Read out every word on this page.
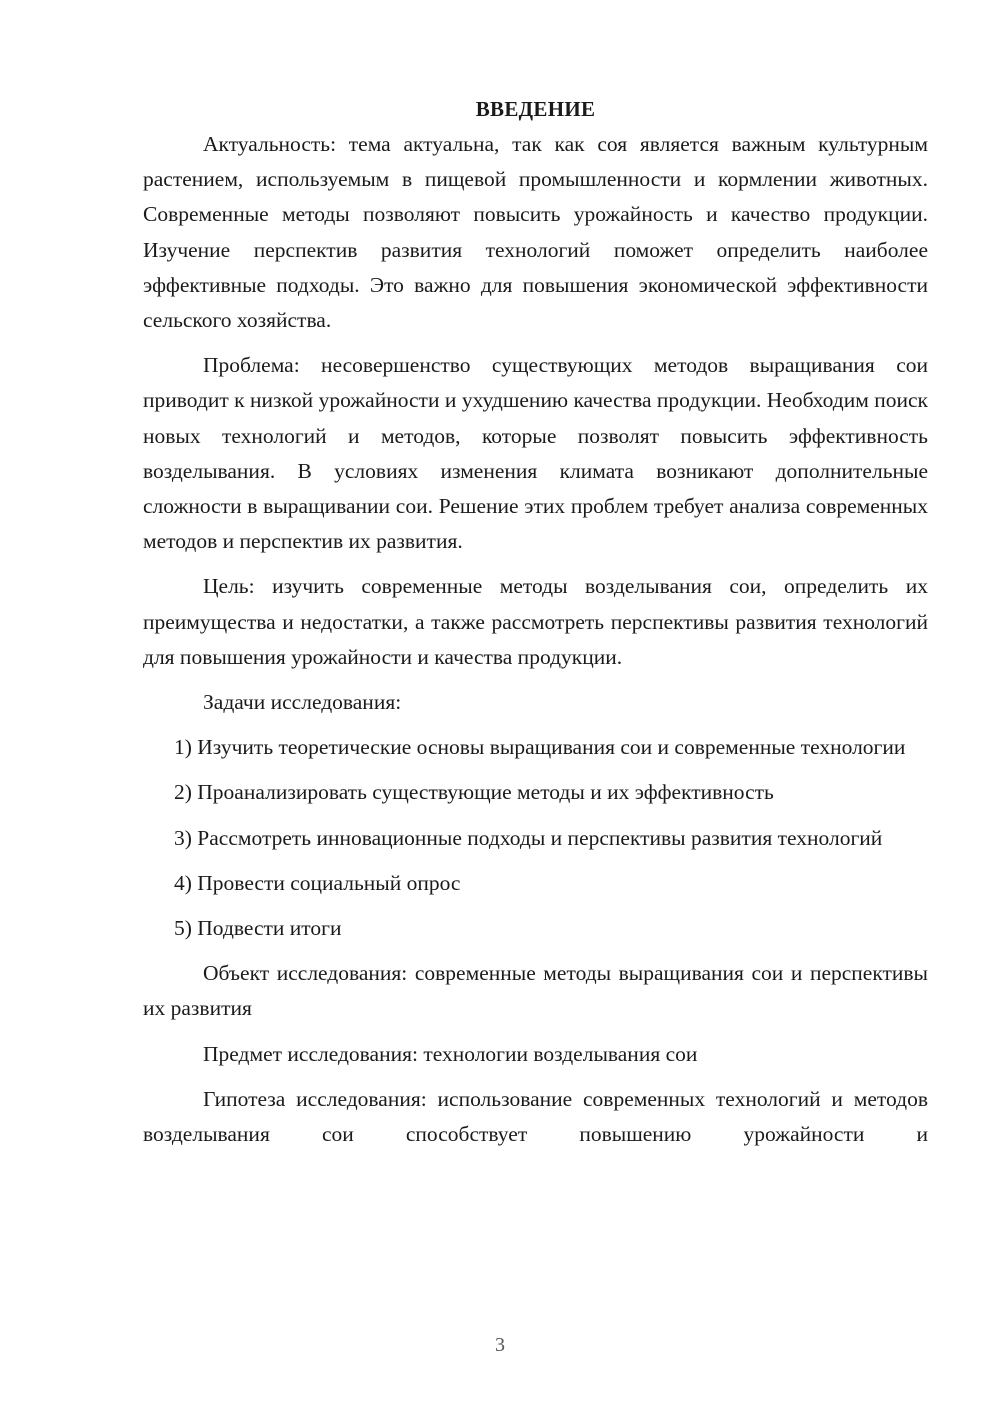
ВВЕДЕНИЕ

Актуальность: тема актуальна, так как соя является важным культурным растением, используемым в пищевой промышленности и кормлении животных. Современные методы позволяют повысить урожайность и качество продукции. Изучение перспектив развития технологий поможет определить наиболее эффективные подходы. Это важно для повышения экономической эффективности сельского хозяйства.

Проблема: несовершенство существующих методов выращивания сои приводит к низкой урожайности и ухудшению качества продукции. Необходим поиск новых технологий и методов, которые позволят повысить эффективность возделывания. В условиях изменения климата возникают дополнительные сложности в выращивании сои. Решение этих проблем требует анализа современных методов и перспектив их развития.

Цель: изучить современные методы возделывания сои, определить их преимущества и недостатки, а также рассмотреть перспективы развития технологий для повышения урожайности и качества продукции.

Задачи исследования:

1) Изучить теоретические основы выращивания сои и современные технологии

2) Проанализировать существующие методы и их эффективность

3) Рассмотреть инновационные подходы и перспективы развития технологий

4) Провести социальный опрос

5) Подвести итоги

Объект исследования: современные методы выращивания сои и перспективы их развития

Предмет исследования: технологии возделывания сои

Гипотеза исследования: использование современных технологий и методов возделывания сои способствует повышению урожайности и

3
